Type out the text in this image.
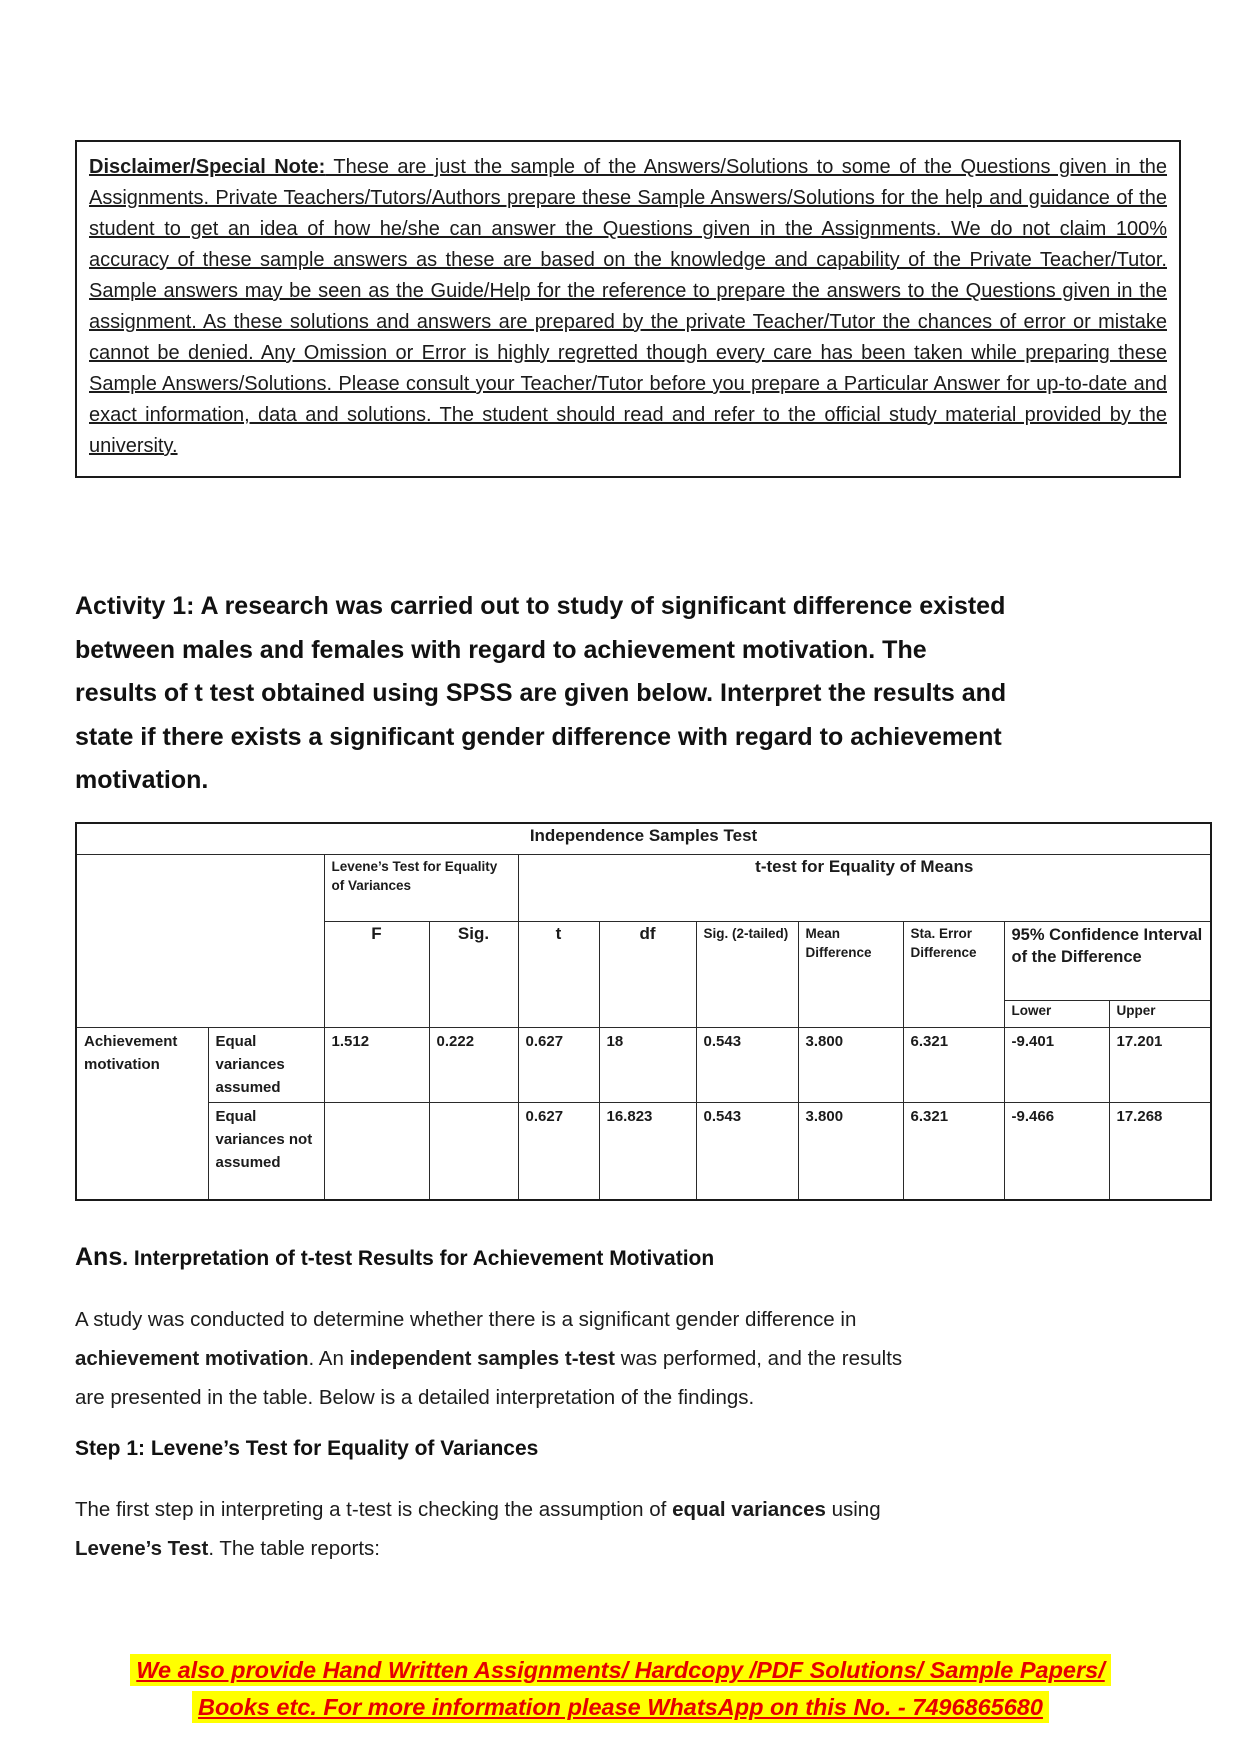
Disclaimer/Special Note: These are just the sample of the Answers/Solutions to some of the Questions given in the Assignments. Private Teachers/Tutors/Authors prepare these Sample Answers/Solutions for the help and guidance of the student to get an idea of how he/she can answer the Questions given in the Assignments. We do not claim 100% accuracy of these sample answers as these are based on the knowledge and capability of the Private Teacher/Tutor. Sample answers may be seen as the Guide/Help for the reference to prepare the answers to the Questions given in the assignment. As these solutions and answers are prepared by the private Teacher/Tutor the chances of error or mistake cannot be denied. Any Omission or Error is highly regretted though every care has been taken while preparing these Sample Answers/Solutions. Please consult your Teacher/Tutor before you prepare a Particular Answer for up-to-date and exact information, data and solutions. The student should read and refer to the official study material provided by the university.
Activity 1: A research was carried out to study of significant difference existed
between males and females with regard to achievement motivation. The
results of t test obtained using SPSS are given below. Interpret the results and
state if there exists a significant gender difference with regard to achievement
motivation.
Independence Samples Test										
		Levene’s Test for Equality of Variances		t-test for Equality of Means						
		F	Sig.	t	df	Sig. (2-tailed)	Mean Difference	Sta. Error Difference	95% Confidence Interval of the Difference	
									Lower	Upper
Achievement motivation	Equal variances assumed	1.512	0.222	0.627	18	0.543	3.800	6.321	-9.401	17.201
	Equal variances not assumed			0.627	16.823	0.543	3.800	6.321	-9.466	17.268
Ans. Interpretation of t-test Results for Achievement Motivation
A study was conducted to determine whether there is a significant gender difference in
achievement motivation. An independent samples t-test was performed, and the results
are presented in the table. Below is a detailed interpretation of the findings.
Step 1: Levene’s Test for Equality of Variances
The first step in interpreting a t-test is checking the assumption of equal variances using
Levene’s Test. The table reports:
We also provide Hand Written Assignments/ Hardcopy /PDF Solutions/ Sample Papers/
Books etc. For more information please WhatsApp on this No. - 7496865680
